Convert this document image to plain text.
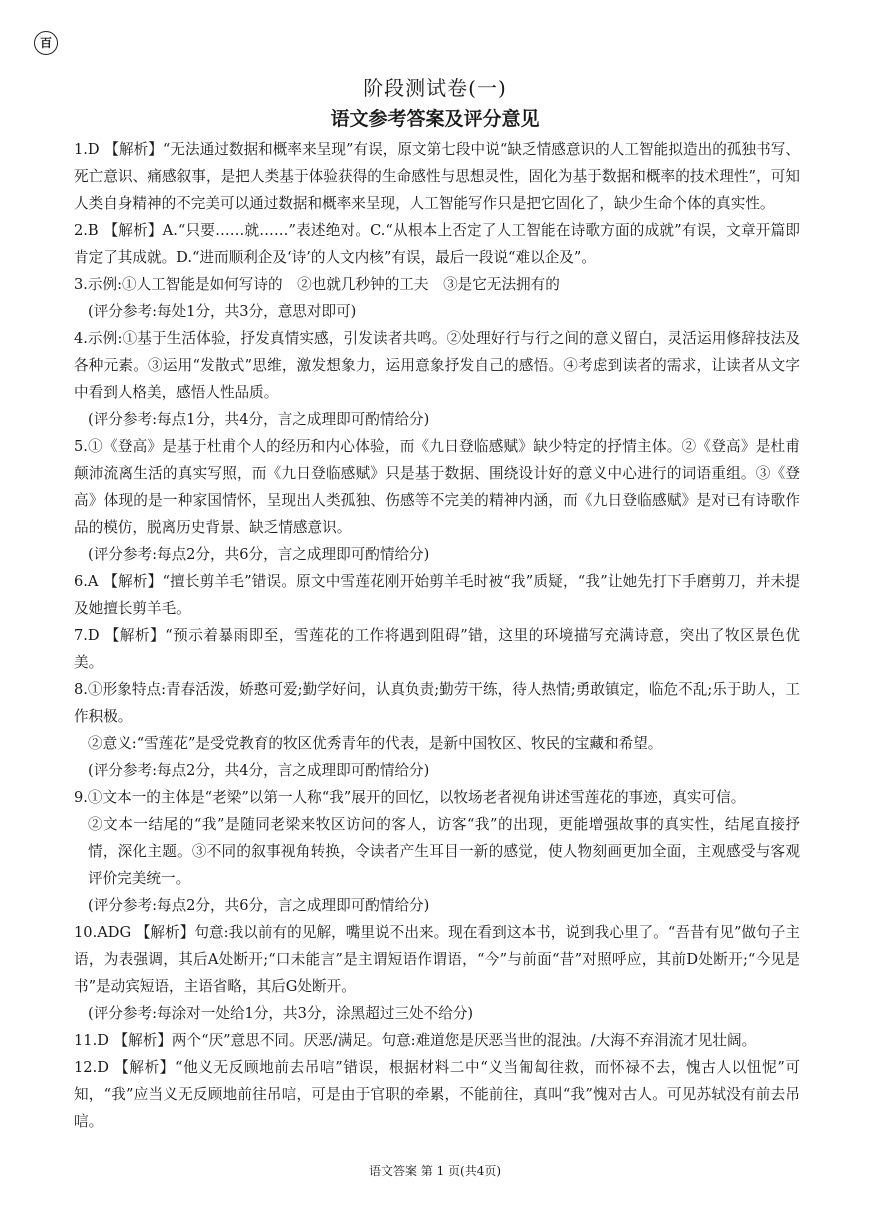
百
阶段测试卷(一)
语文参考答案及评分意见

1.D 【解析】“无法通过数据和概率来呈现”有误，原文第七段中说“缺乏情感意识的人工智能拟造出的孤独书写、死亡意识、痛感叙事，是把人类基于体验获得的生命感性与思想灵性，固化为基于数据和概率的技术理性”，可知人类自身精神的不完美可以通过数据和概率来呈现，人工智能写作只是把它固化了，缺少生命个体的真实性。

2.B 【解析】A.“只要……就……”表述绝对。C.“从根本上否定了人工智能在诗歌方面的成就”有误，文章开篇即肯定了其成就。D.“进而顺利企及‘诗’的人文内核”有误，最后一段说“难以企及”。

3.示例:①人工智能是如何写诗的　②也就几秒钟的工夫　③是它无法拥有的

(评分参考:每处1分，共3分，意思对即可)

4.示例:①基于生活体验，抒发真情实感，引发读者共鸣。②处理好行与行之间的意义留白，灵活运用修辞技法及各种元素。③运用“发散式”思维，激发想象力，运用意象抒发自己的感悟。④考虑到读者的需求，让读者从文字中看到人格美，感悟人性品质。

(评分参考:每点1分，共4分，言之成理即可酌情给分)

5.①《登高》是基于杜甫个人的经历和内心体验，而《九日登临感赋》缺少特定的抒情主体。②《登高》是杜甫颠沛流离生活的真实写照，而《九日登临感赋》只是基于数据、围绕设计好的意义中心进行的词语重组。③《登高》体现的是一种家国情怀，呈现出人类孤独、伤感等不完美的精神内涵，而《九日登临感赋》是对已有诗歌作品的模仿，脱离历史背景、缺乏情感意识。

(评分参考:每点2分，共6分，言之成理即可酌情给分)

6.A 【解析】“擅长剪羊毛”错误。原文中雪莲花刚开始剪羊毛时被“我”质疑，“我”让她先打下手磨剪刀，并未提及她擅长剪羊毛。

7.D 【解析】“预示着暴雨即至，雪莲花的工作将遇到阻碍”错，这里的环境描写充满诗意，突出了牧区景色优美。

8.①形象特点:青春活泼，娇憨可爱;勤学好问，认真负责;勤劳干练，待人热情;勇敢镇定，临危不乱;乐于助人，工作积极。

②意义:“雪莲花”是受党教育的牧区优秀青年的代表，是新中国牧区、牧民的宝藏和希望。

(评分参考:每点2分，共4分，言之成理即可酌情给分)

9.①文本一的主体是“老梁”以第一人称“我”展开的回忆，以牧场老者视角讲述雪莲花的事迹，真实可信。

②文本一结尾的“我”是随同老梁来牧区访问的客人，访客“我”的出现，更能增强故事的真实性，结尾直接抒情，深化主题。③不同的叙事视角转换，令读者产生耳目一新的感觉，使人物刻画更加全面，主观感受与客观评价完美统一。

(评分参考:每点2分，共6分，言之成理即可酌情给分)

10.ADG 【解析】句意:我以前有的见解，嘴里说不出来。现在看到这本书，说到我心里了。“吾昔有见”做句子主语，为表强调，其后A处断开;“口未能言”是主谓短语作谓语，“今”与前面“昔”对照呼应，其前D处断开;“今见是书”是动宾短语，主语省略，其后G处断开。

(评分参考:每涂对一处给1分，共3分，涂黑超过三处不给分)

11.D 【解析】两个“厌”意思不同。厌恶/满足。句意:难道您是厌恶当世的混浊。/大海不弃涓流才见壮阔。

12.D 【解析】“他义无反顾地前去吊唁”错误，根据材料二中“义当匍匐往救，而怀禄不去，愧古人以忸怩”可知，“我”应当义无反顾地前往吊唁，可是由于官职的牵累，不能前往，真叫“我”愧对古人。可见苏轼没有前去吊唁。

语文答案 第 1 页(共4页)
